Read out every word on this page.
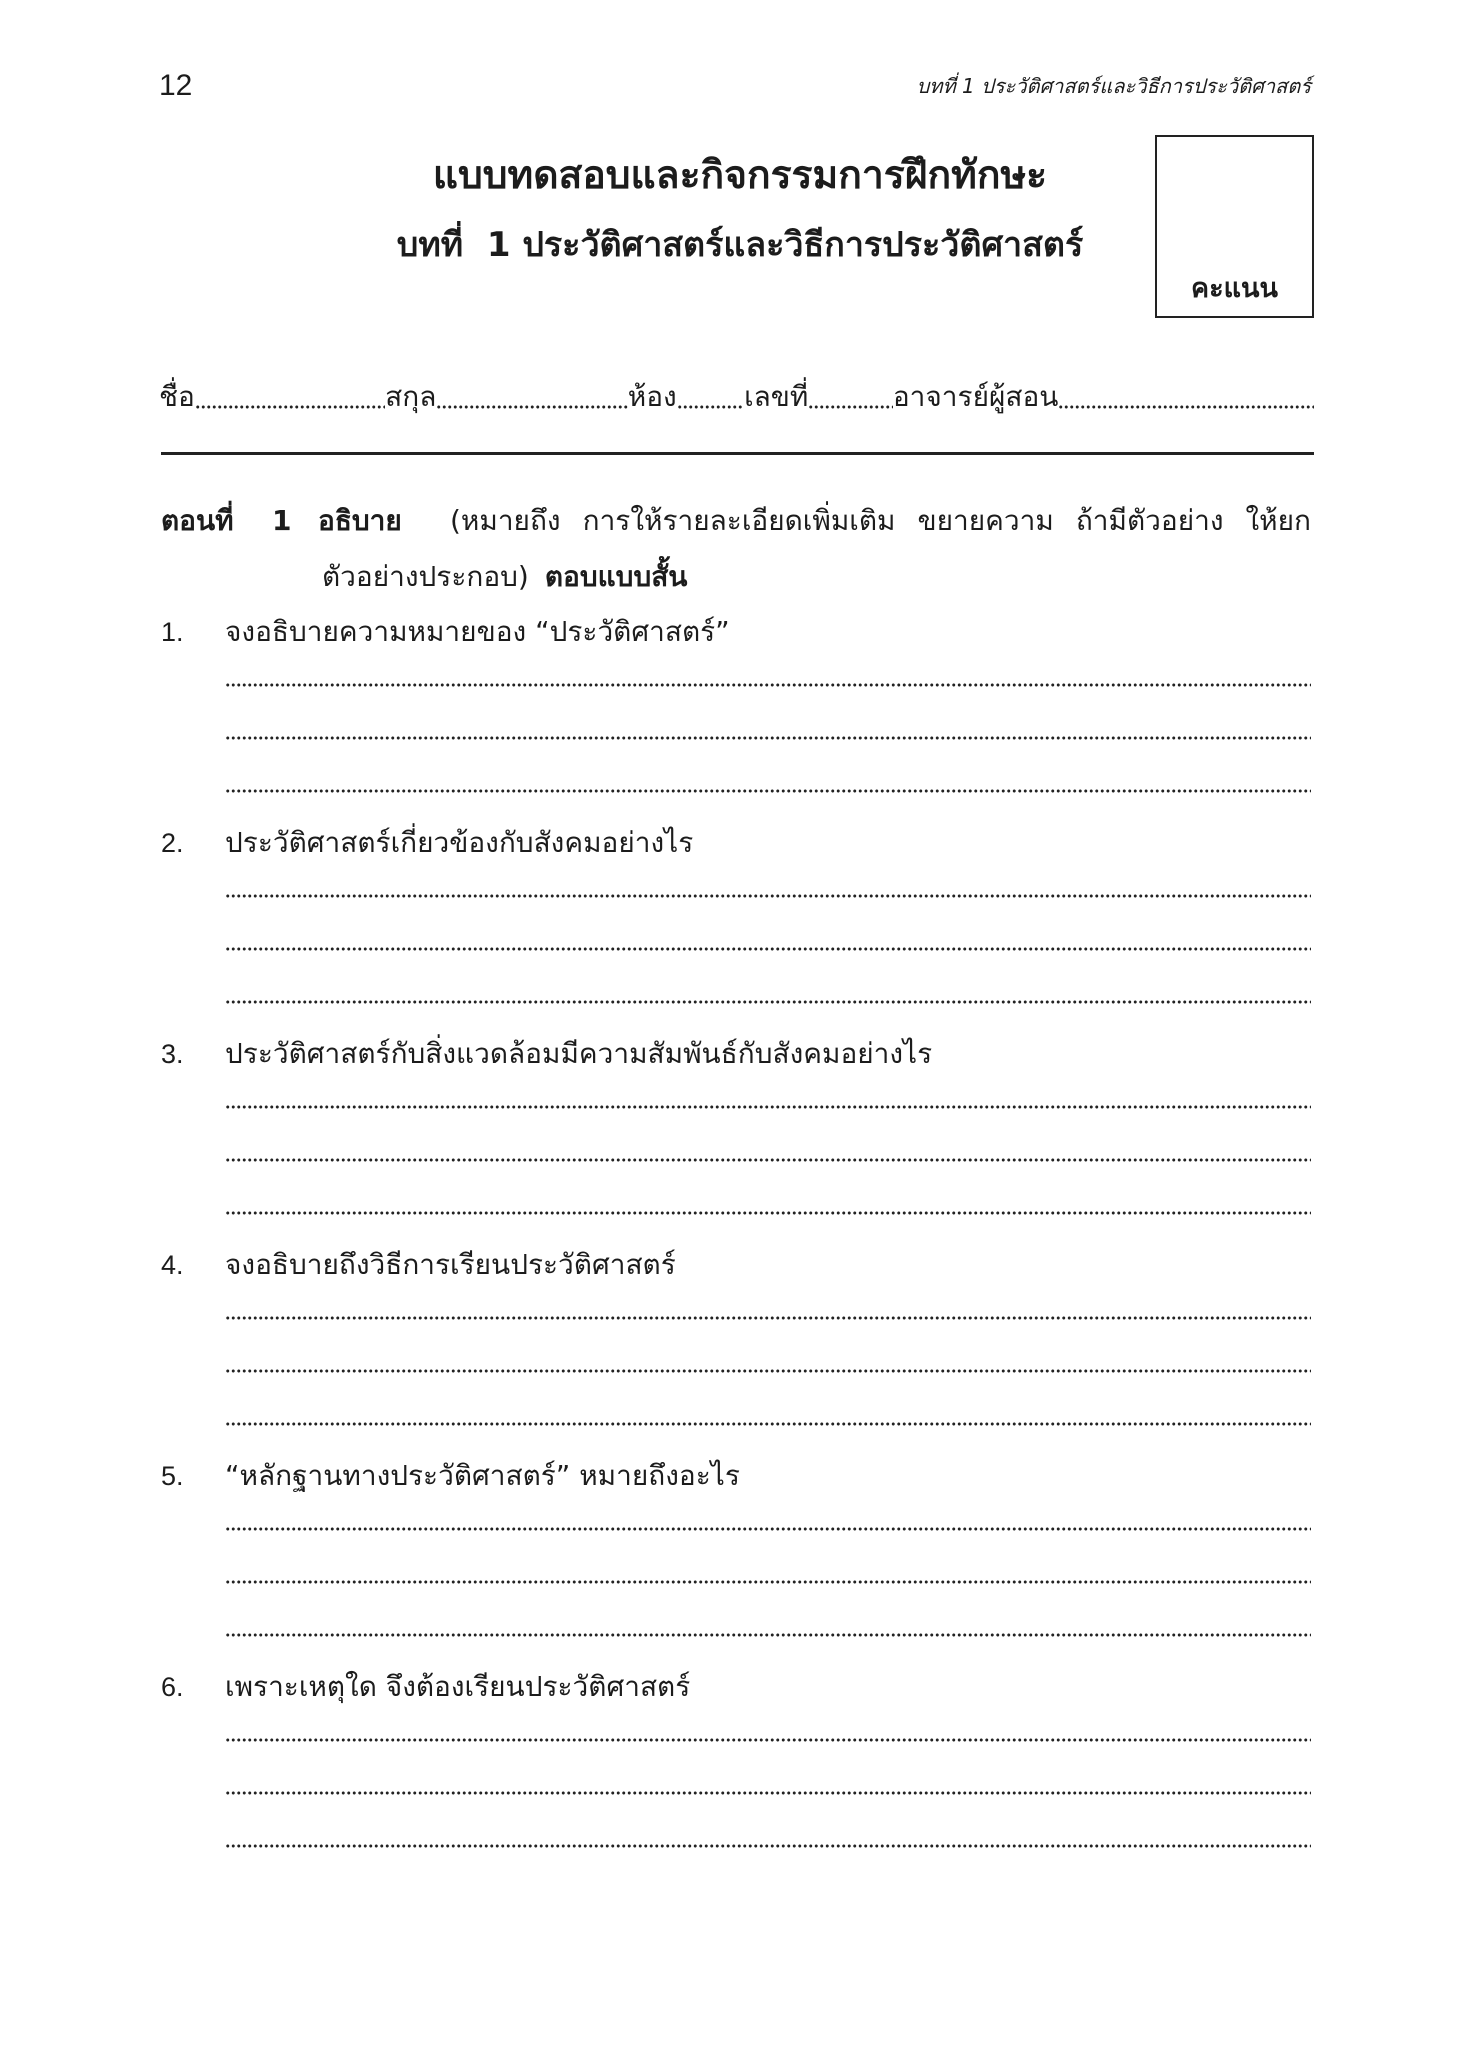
12	บทที่ 1 ประวัติศาสตร์และวิธีการประวัติศาสตร์
แบบทดสอบและกิจกรรมการฝึกทักษะ
บทที่  1 ประวัติศาสตร์และวิธีการประวัติศาสตร์
คะแนน
ชื่อ	สกุล	ห้อง เลขที่	อาจารย์ผู้สอน
ตอนที่ 1 อธิบาย (หมายถึง การให้รายละเอียดเพิ่มเติม ขยายความ ถ้ามีตัวอย่าง ให้ยก
ตัวอย่างประกอบ) ตอบแบบสั้น
1.	จงอธิบายความหมายของ “ประวัติศาสตร์”
2.	ประวัติศาสตร์เกี่ยวข้องกับสังคมอย่างไร
3.	ประวัติศาสตร์กับสิ่งแวดล้อมมีความสัมพันธ์กับสังคมอย่างไร
4.	จงอธิบายถึงวิธีการเรียนประวัติศาสตร์
5.	“หลักฐานทางประวัติศาสตร์” หมายถึงอะไร
6.	เพราะเหตุใด จึงต้องเรียนประวัติศาสตร์
